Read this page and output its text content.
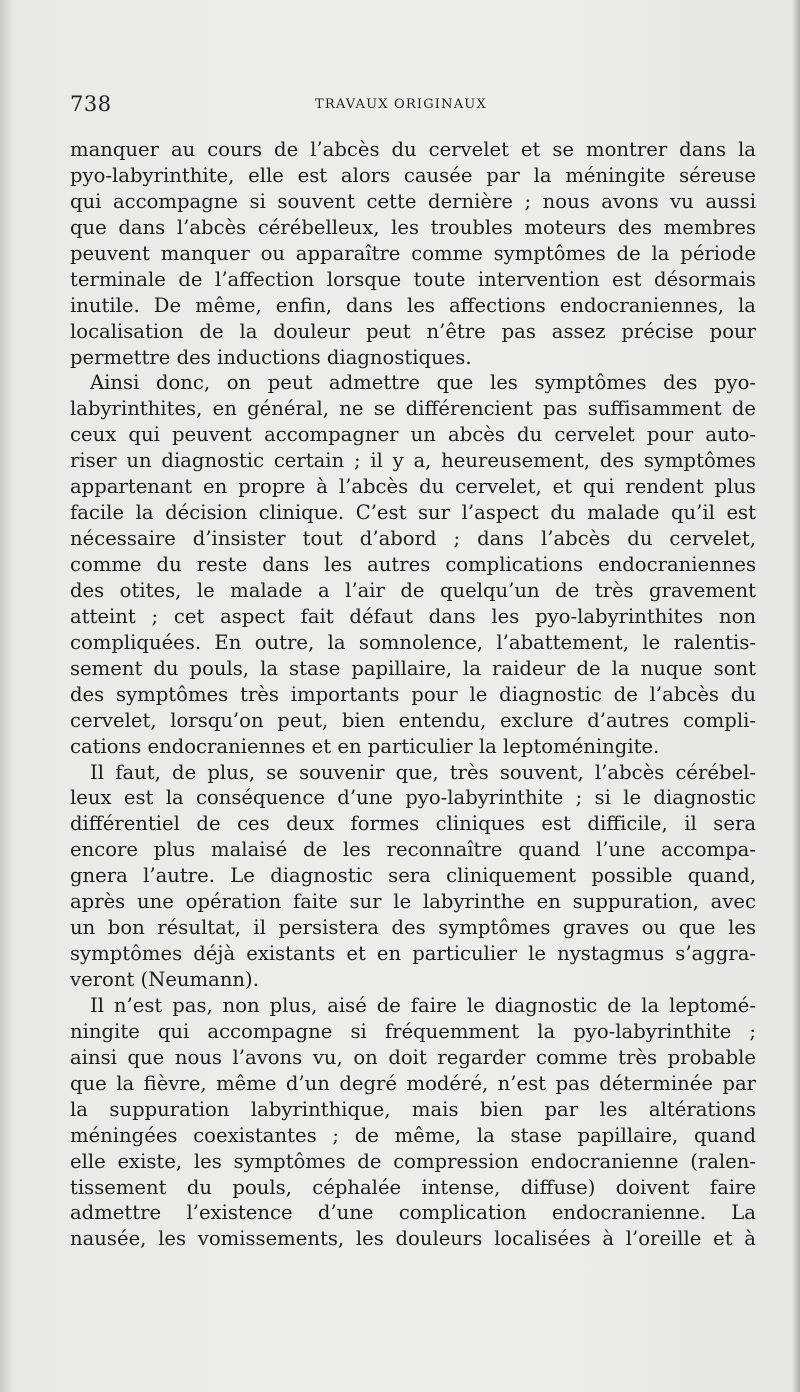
738	TRAVAUX ORIGINAUX
manquer au cours de l’abcès du cervelet et se montrer dans la
pyo-labyrinthite, elle est alors causée par la méningite séreuse
qui accompagne si souvent cette dernière ; nous avons vu aussi
que dans l’abcès cérébelleux, les troubles moteurs des membres
peuvent manquer ou apparaître comme symptômes de la période
terminale de l’affection lorsque toute intervention est désormais
inutile. De même, enfin, dans les affections endocraniennes, la
localisation de la douleur peut n’être pas assez précise pour
permettre des inductions diagnostiques.
Ainsi donc, on peut admettre que les symptômes des pyo-
labyrinthites, en général, ne se différencient pas suffisamment de
ceux qui peuvent accompagner un abcès du cervelet pour auto-
riser un diagnostic certain ; il y a, heureusement, des symptômes
appartenant en propre à l’abcès du cervelet, et qui rendent plus
facile la décision clinique. C’est sur l’aspect du malade qu’il est
nécessaire d’insister tout d’abord ; dans l’abcès du cervelet,
comme du reste dans les autres complications endocraniennes
des otites, le malade a l’air de quelqu’un de très gravement
atteint ; cet aspect fait défaut dans les pyo-labyrinthites non
compliquées. En outre, la somnolence, l’abattement, le ralentis-
sement du pouls, la stase papillaire, la raideur de la nuque sont
des symptômes très importants pour le diagnostic de l’abcès du
cervelet, lorsqu’on peut, bien entendu, exclure d’autres compli-
cations endocraniennes et en particulier la leptoméningite.
Il faut, de plus, se souvenir que, très souvent, l’abcès cérébel-
leux est la conséquence d’une pyo-labyrinthite ; si le diagnostic
différentiel de ces deux formes cliniques est difficile, il sera
encore plus malaisé de les reconnaître quand l’une accompa-
gnera l’autre. Le diagnostic sera cliniquement possible quand,
après une opération faite sur le labyrinthe en suppuration, avec
un bon résultat, il persistera des symptômes graves ou que les
symptômes déjà existants et en particulier le nystagmus s’aggra-
veront (Neumann).
Il n’est pas, non plus, aisé de faire le diagnostic de la leptomé-
ningite qui accompagne si fréquemment la pyo-labyrinthite ;
ainsi que nous l’avons vu, on doit regarder comme très probable
que la fièvre, même d’un degré modéré, n’est pas déterminée par
la suppuration labyrinthique, mais bien par les altérations
méningées coexistantes ; de même, la stase papillaire, quand
elle existe, les symptômes de compression endocranienne (ralen-
tissement du pouls, céphalée intense, diffuse) doivent faire
admettre l’existence d’une complication endocranienne. La
nausée, les vomissements, les douleurs localisées à l’oreille et à
